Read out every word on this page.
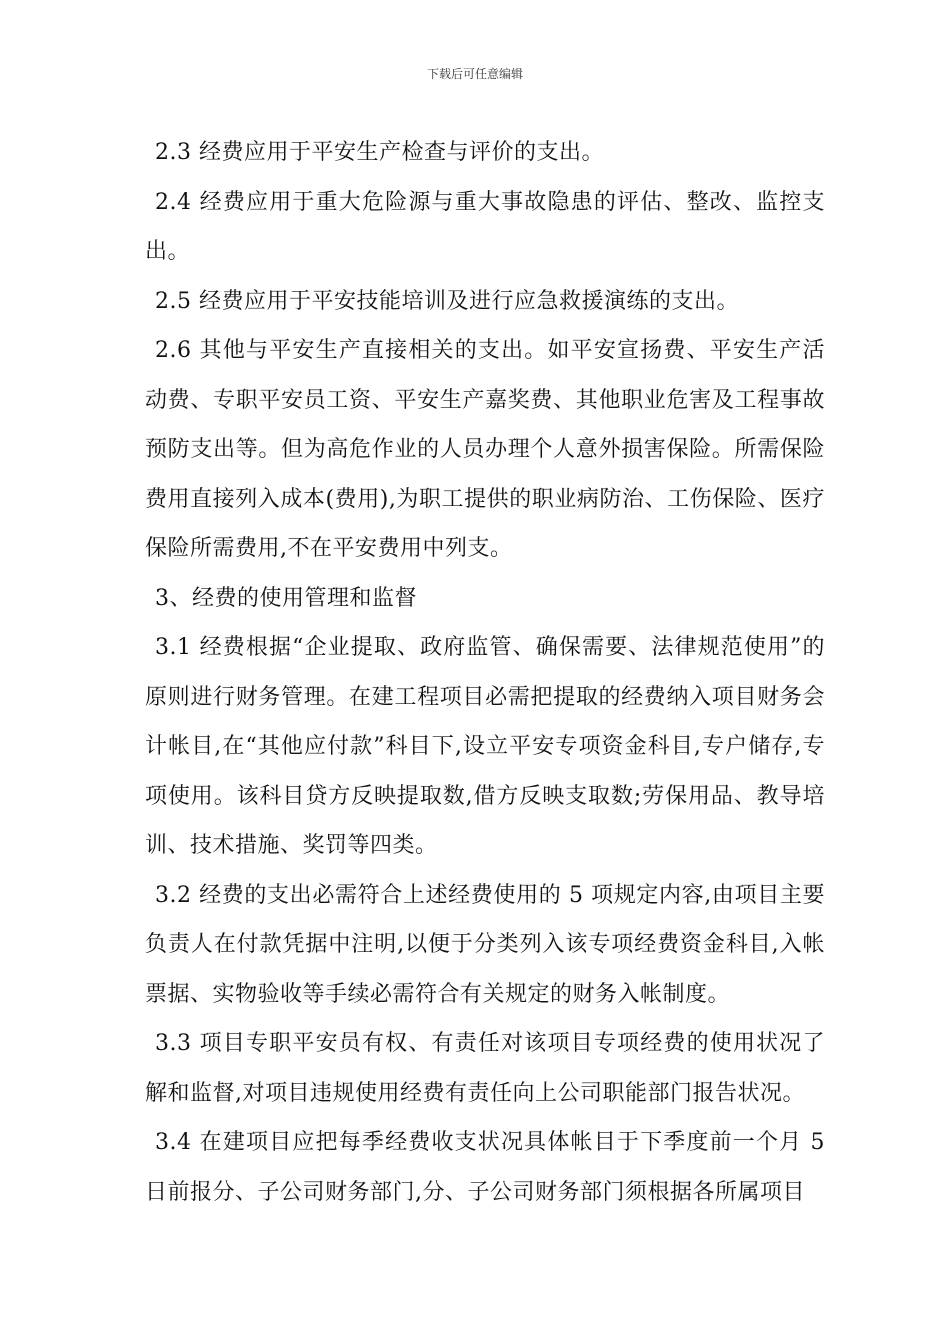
下载后可任意编辑

2.3 经费应用于平安生产检查与评价的支出。

2.4 经费应用于重大危险源与重大事故隐患的评估、整改、监控支出。

2.5 经费应用于平安技能培训及进行应急救援演练的支出。

2.6 其他与平安生产直接相关的支出。如平安宣扬费、平安生产活动费、专职平安员工资、平安生产嘉奖费、其他职业危害及工程事故预防支出等。但为高危作业的人员办理个人意外损害保险。所需保险费用直接列入成本(费用),为职工提供的职业病防治、工伤保险、医疗保险所需费用,不在平安费用中列支。

3、经费的使用管理和监督

3.1 经费根据“企业提取、政府监管、确保需要、法律规范使用”的原则进行财务管理。在建工程项目必需把提取的经费纳入项目财务会计帐目,在“其他应付款”科目下,设立平安专项资金科目,专户储存,专项使用。该科目贷方反映提取数,借方反映支取数;劳保用品、教导培训、技术措施、奖罚等四类。

3.2 经费的支出必需符合上述经费使用的 5 项规定内容,由项目主要负责人在付款凭据中注明,以便于分类列入该专项经费资金科目,入帐票据、实物验收等手续必需符合有关规定的财务入帐制度。

3.3 项目专职平安员有权、有责任对该项目专项经费的使用状况了解和监督,对项目违规使用经费有责任向上公司职能部门报告状况。

3.4 在建项目应把每季经费收支状况具体帐目于下季度前一个月 5 日前报分、子公司财务部门,分、子公司财务部门须根据各所属项目
